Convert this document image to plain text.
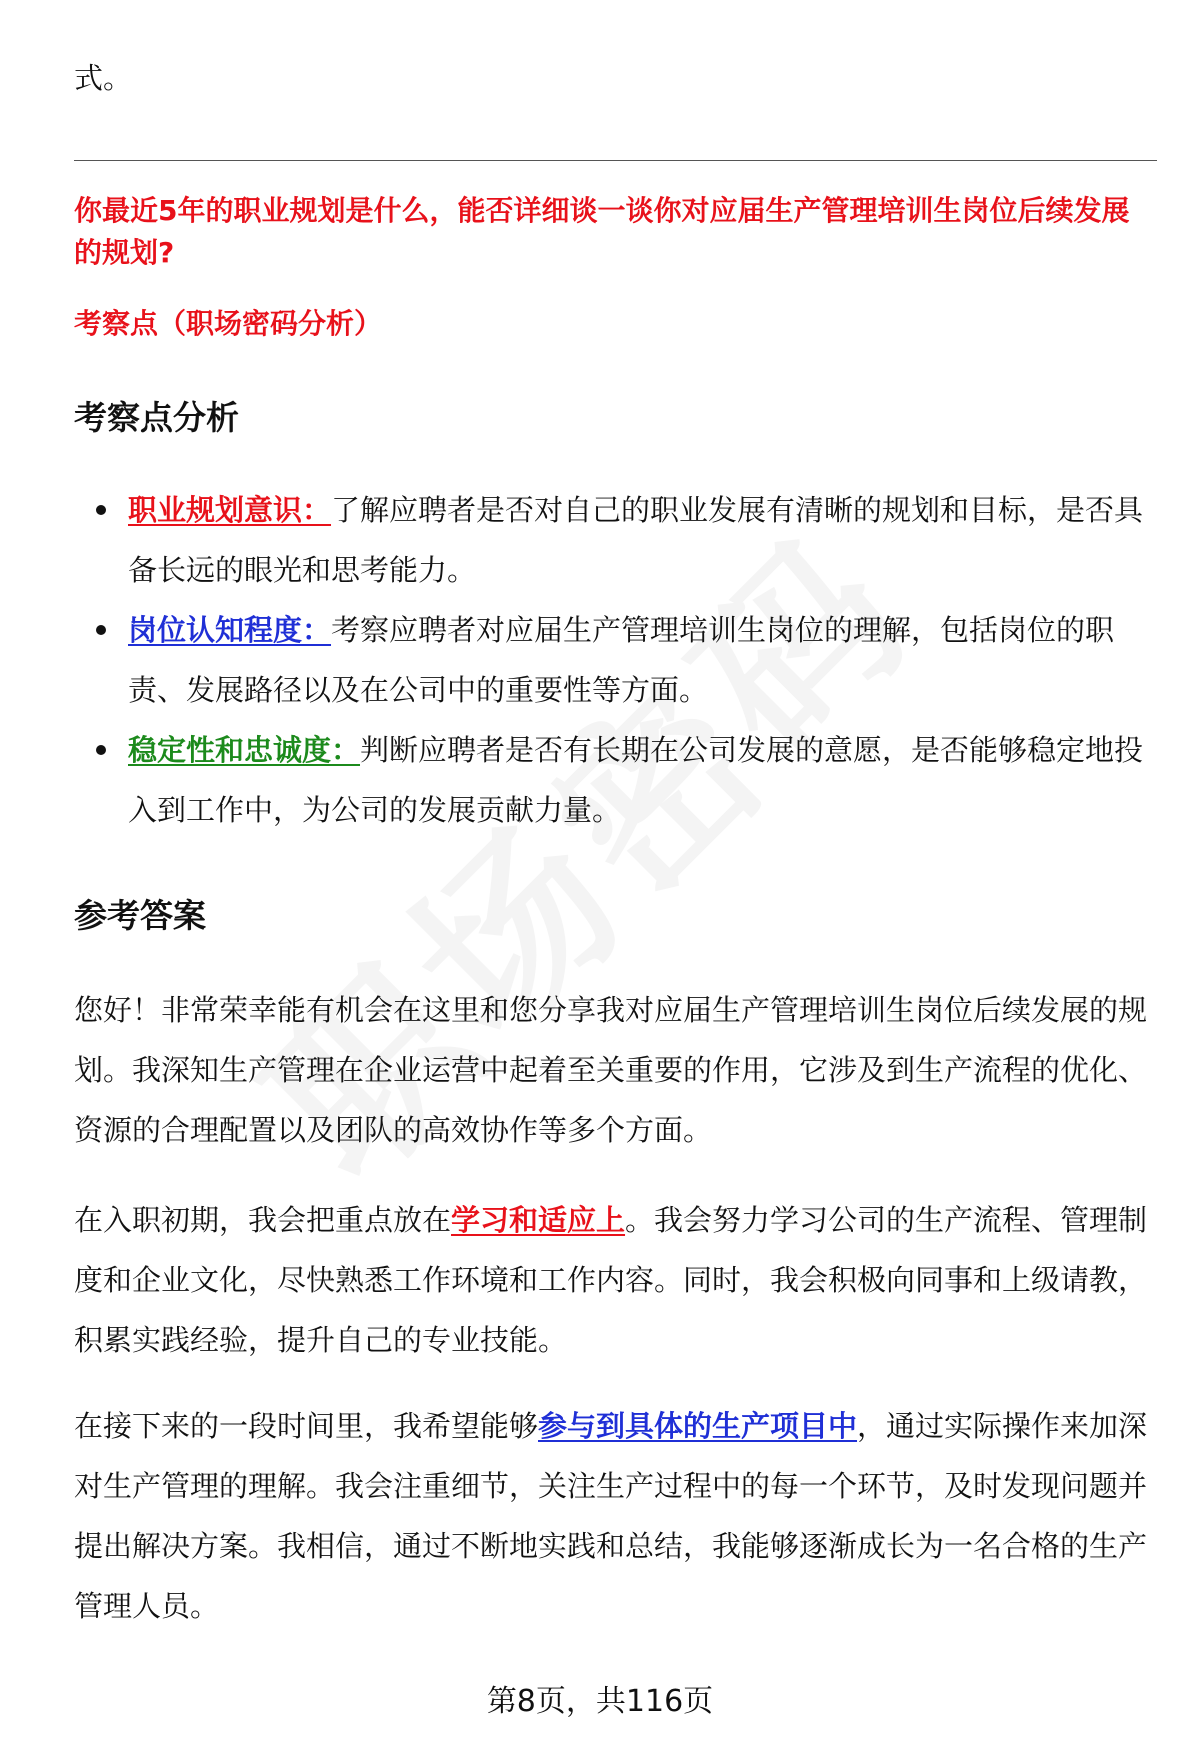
式。
你最近5年的职业规划是什么，能否详细谈一谈你对应届生产管理培训生岗位后续发展的规划?
考察点（职场密码分析）
考察点分析
职业规划意识：了解应聘者是否对自己的职业发展有清晰的规划和目标，是否具备长远的眼光和思考能力。
岗位认知程度：考察应聘者对应届生产管理培训生岗位的理解，包括岗位的职责、发展路径以及在公司中的重要性等方面。
稳定性和忠诚度：判断应聘者是否有长期在公司发展的意愿，是否能够稳定地投入到工作中，为公司的发展贡献力量。
参考答案
您好！非常荣幸能有机会在这里和您分享我对应届生产管理培训生岗位后续发展的规划。我深知生产管理在企业运营中起着至关重要的作用，它涉及到生产流程的优化、资源的合理配置以及团队的高效协作等多个方面。
在入职初期，我会把重点放在学习和适应上。我会努力学习公司的生产流程、管理制度和企业文化，尽快熟悉工作环境和工作内容。同时，我会积极向同事和上级请教，积累实践经验，提升自己的专业技能。
在接下来的一段时间里，我希望能够参与到具体的生产项目中，通过实际操作来加深对生产管理的理解。我会注重细节，关注生产过程中的每一个环节，及时发现问题并提出解决方案。我相信，通过不断地实践和总结，我能够逐渐成长为一名合格的生产管理人员。
第8页，共116页
